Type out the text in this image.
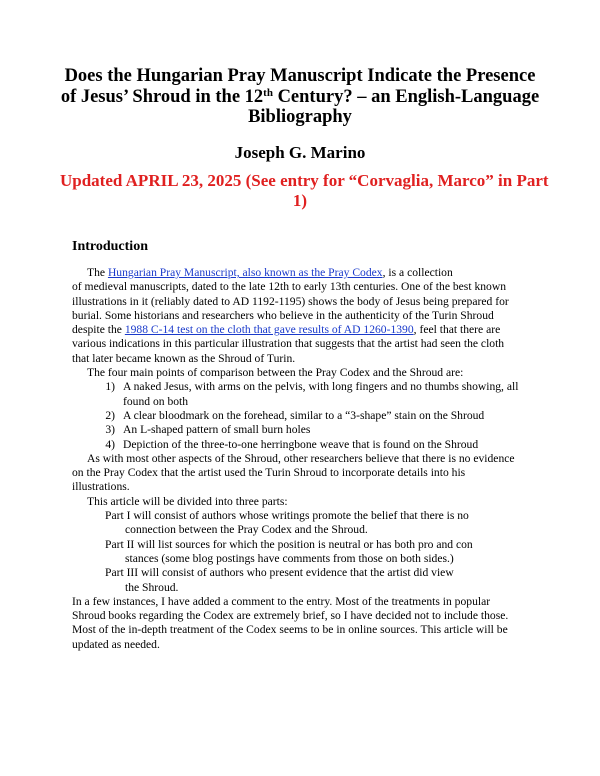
Does the Hungarian Pray Manuscript Indicate the Presence
of Jesus’ Shroud in the 12th Century? – an English-Language
Bibliography
Joseph G. Marino
Updated APRIL 23, 2025 (See entry for “Corvaglia, Marco” in Part
1)
Introduction
The Hungarian Pray Manuscript, also known as the Pray Codex, is a collection
of medieval manuscripts, dated to the late 12th to early 13th centuries. One of the best known
illustrations in it (reliably dated to AD 1192-1195) shows the body of Jesus being prepared for
burial. Some historians and researchers who believe in the authenticity of the Turin Shroud
despite the 1988 C-14 test on the cloth that gave results of AD 1260-1390, feel that there are
various indications in this particular illustration that suggests that the artist had seen the cloth
that later became known as the Shroud of Turin.
The four main points of comparison between the Pray Codex and the Shroud are:
1) A naked Jesus, with arms on the pelvis, with long fingers and no thumbs showing, all
found on both
2) A clear bloodmark on the forehead, similar to a “3-shape” stain on the Shroud
3) An L-shaped pattern of small burn holes
4) Depiction of the three-to-one herringbone weave that is found on the Shroud
As with most other aspects of the Shroud, other researchers believe that there is no evidence
on the Pray Codex that the artist used the Turin Shroud to incorporate details into his
illustrations.
This article will be divided into three parts:
Part I will consist of authors whose writings promote the belief that there is no
connection between the Pray Codex and the Shroud.
Part II will list sources for which the position is neutral or has both pro and con
stances (some blog postings have comments from those on both sides.)
Part III will consist of authors who present evidence that the artist did view
the Shroud.
In a few instances, I have added a comment to the entry. Most of the treatments in popular
Shroud books regarding the Codex are extremely brief, so I have decided not to include those.
Most of the in-depth treatment of the Codex seems to be in online sources. This article will be
updated as needed.
